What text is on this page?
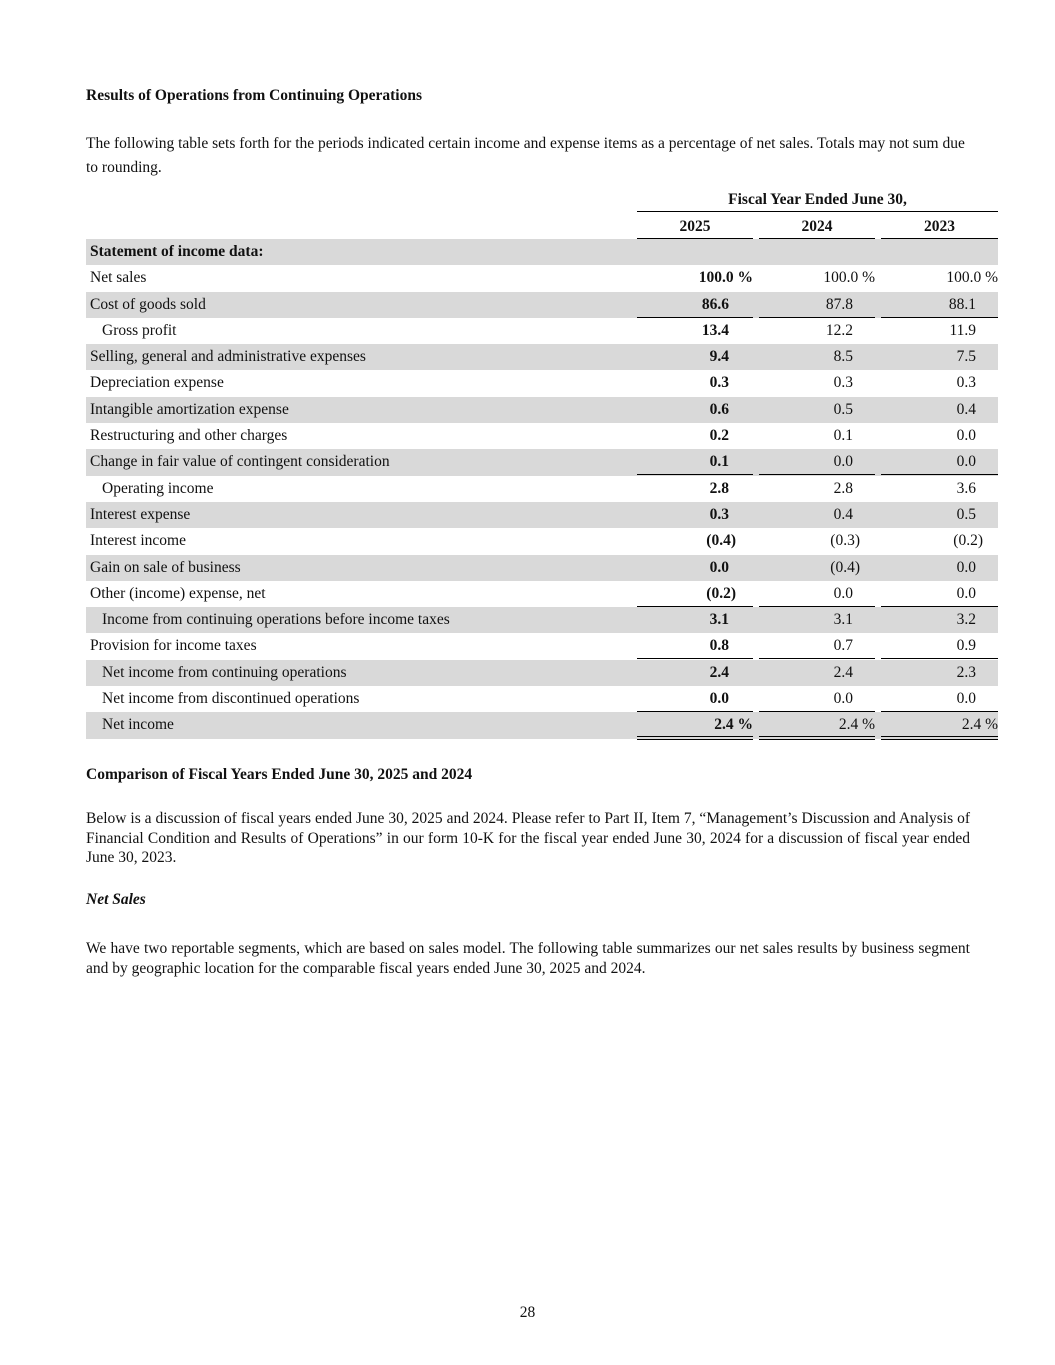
Results of Operations from Continuing Operations
The following table sets forth for the periods indicated certain income and expense items as a percentage of net sales. Totals may not sum due to rounding.
Fiscal Year Ended June 30,
2025	2024	2023
Statement of income data:
Net sales	100.0 %	100.0 %	100.0 %
Cost of goods sold	86.6	87.8	88.1
Gross profit	13.4	12.2	11.9
Selling, general and administrative expenses	9.4	8.5	7.5
Depreciation expense	0.3	0.3	0.3
Intangible amortization expense	0.6	0.5	0.4
Restructuring and other charges	0.2	0.1	0.0
Change in fair value of contingent consideration	0.1	0.0	0.0
Operating income	2.8	2.8	3.6
Interest expense	0.3	0.4	0.5
Interest income	(0.4)	(0.3)	(0.2)
Gain on sale of business	0.0	(0.4)	0.0
Other (income) expense, net	(0.2)	0.0	0.0
Income from continuing operations before income taxes	3.1	3.1	3.2
Provision for income taxes	0.8	0.7	0.9
Net income from continuing operations	2.4	2.4	2.3
Net income from discontinued operations	0.0	0.0	0.0
Net income	2.4 %	2.4 %	2.4 %
Comparison of Fiscal Years Ended June 30, 2025 and 2024
Below is a discussion of fiscal years ended June 30, 2025 and 2024. Please refer to Part II, Item 7, “Management’s Discussion and Analysis of Financial Condition and Results of Operations” in our form 10-K for the fiscal year ended June 30, 2024 for a discussion of fiscal year ended June 30, 2023.
Net Sales
We have two reportable segments, which are based on sales model. The following table summarizes our net sales results by business segment and by geographic location for the comparable fiscal years ended June 30, 2025 and 2024.
28
